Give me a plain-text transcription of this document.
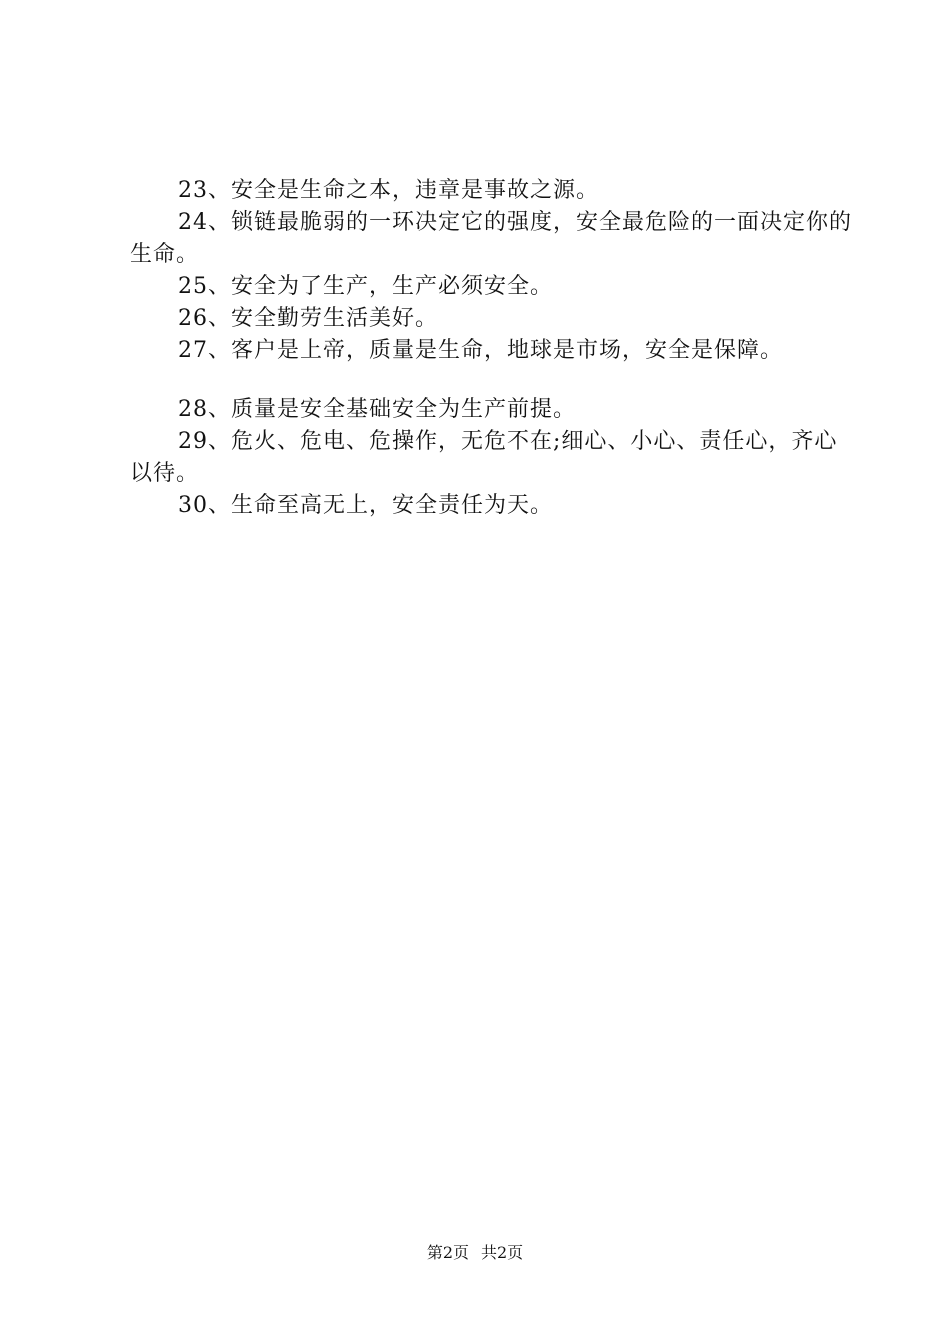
23、安全是生命之本，违章是事故之源。

24、锁链最脆弱的一环决定它的强度，安全最危险的一面决定你的生命。

25、安全为了生产，生产必须安全。

26、安全勤劳生活美好。

27、客户是上帝，质量是生命，地球是市场，安全是保障。

28、质量是安全基础安全为生产前提。

29、危火、危电、危操作，无危不在;细心、小心、责任心，齐心以待。

30、生命至高无上，安全责任为天。

第2页 共2页
